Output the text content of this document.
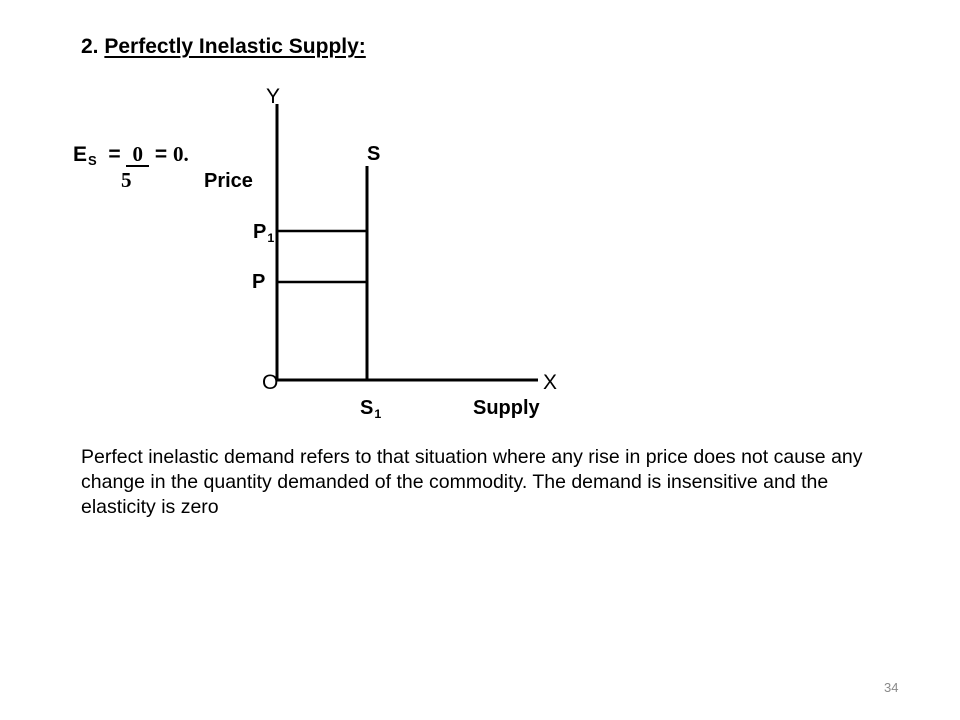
2. Perfectly Inelastic Supply:
ES = 0 = 0.
5
Y
Price
S
P1
P
O	X
S1	Supply
Perfect inelastic demand refers to that situation where any rise in price does not cause any change in the quantity demanded of the commodity. The demand is insensitive and the elasticity is zero
34
